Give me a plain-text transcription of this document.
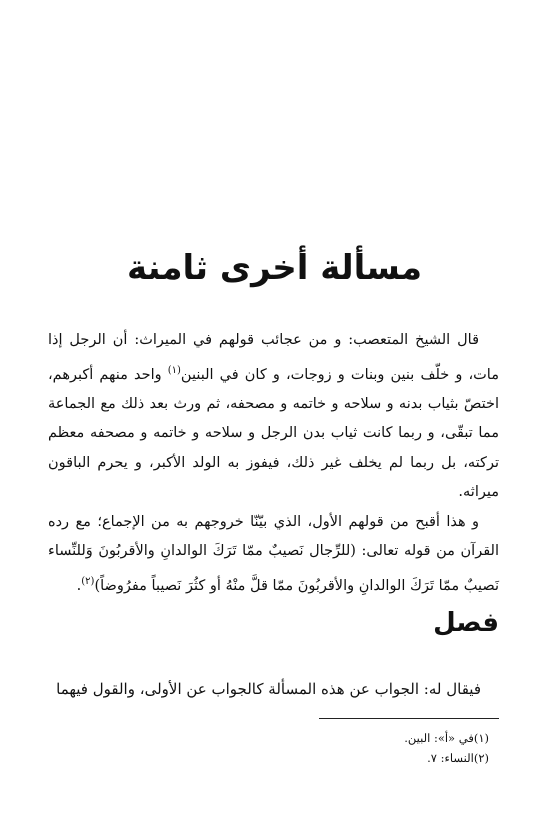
مسألة أخرى ثامنة

قال الشيخ المتعصب: و من عجائب قولهم في الميراث: أن الرجل إذا مات، و خلّف بنين وبنات و زوجات، و كان في البنين$^{(١)}$ واحد منهم أكبرهم، اختصّ بثياب بدنه و سلاحه و خاتمه و مصحفه، ثم ورث بعد ذلك مع الجماعة مما تبقّى، و ربما كانت ثياب بدن الرجل و سلاحه و خاتمه و مصحفه معظم تركته، بل ربما لم يخلف غير ذلك، فيفوز به الولد الأكبر، و يحرم الباقون ميراثه.

و هذا أقبح من قولهم الأول، الذي بيّنّا خروجهم به من الإجماع؛ مع رده القرآن من قوله تعالى: (للرِّجال نَصيبٌ ممّا تَرَكَ الوالدانِ والأقربُونَ وَللنِّساء نَصيبٌ ممّا تَرَكَ الوالدانِ والأقربُونَ ممّا قلَّ منْهُ أو كثُرَ نَصيباً مفرُوضاً)$^{(٢)}$.

فصل
فيقال له: الجواب عن هذه المسألة كالجواب عن الأولى، والقول فيهما
(١)في «أ»: البين.
(٢)النساء: ٧.
